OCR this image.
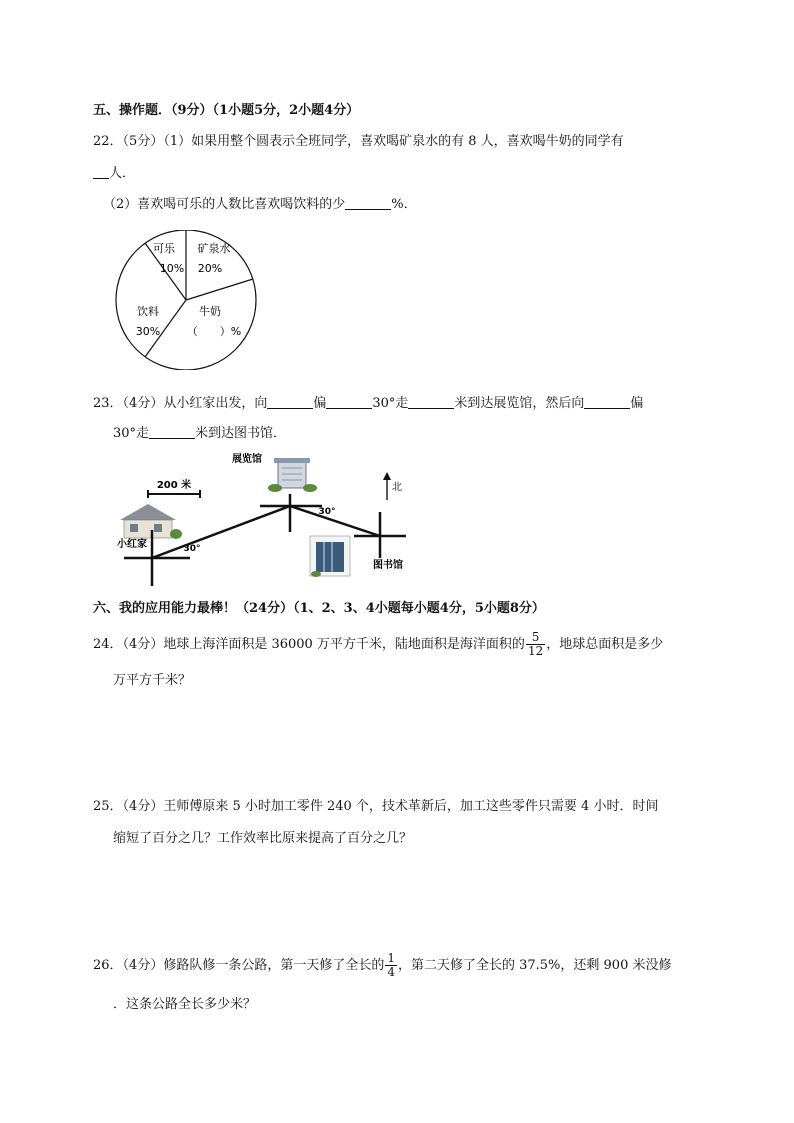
五、操作题．（9分）（1小题5分，2小题4分）
22．（5分）（1）如果用整个圆表示全班同学，喜欢喝矿泉水的有 8 人，喜欢喝牛奶的同学有
人．
（2）喜欢喝可乐的人数比喜欢喝饮料的少	%．
可乐
10%
矿泉水
20%
牛奶
（　　）%
饮料
30%
23．（4分）从小红家出发，向	偏	30°走	米到达展览馆，然后向	偏
30°走	米到达图书馆．
200 米
展览馆
北
小红家
图书馆
30°
30°
六、我的应用能力最棒！（24分）（1、2、3、4小题每小题4分，5小题8分）
24．（4分）地球上海洋面积是 36000 万平方千米，陆地面积是海洋面积的 $\frac{5}{12}$ ，地球总面积是多少
万平方千米？
25．（4分）王师傅原来 5 小时加工零件 240 个，技术革新后，加工这些零件只需要 4 小时．时间
缩短了百分之几？工作效率比原来提高了百分之几？
26．（4分）修路队修一条公路，第一天修了全长的 $\frac{1}{4}$ ，第二天修了全长的 37.5%，还剩 900 米没修
．这条公路全长多少米？
